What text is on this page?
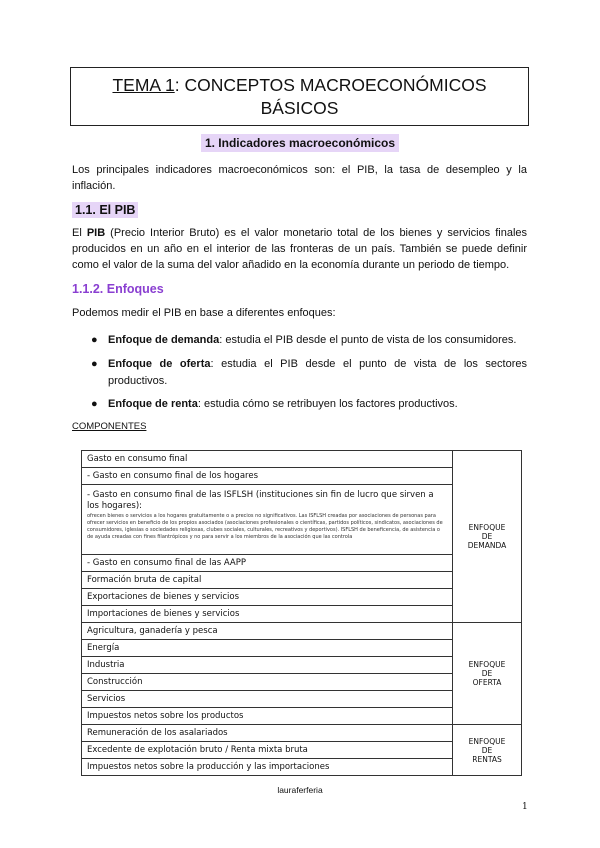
TEMA 1: CONCEPTOS MACROECONÓMICOS
BÁSICOS
1. Indicadores macroeconómicos
Los principales indicadores macroeconómicos son: el PIB, la tasa de desempleo y la inflación.
1.1. El PIB
El PIB (Precio Interior Bruto) es el valor monetario total de los bienes y servicios finales producidos en un año en el interior de las fronteras de un país. También se puede definir como el valor de la suma del valor añadido en la economía durante un periodo de tiempo.
1.1.2. Enfoques
Podemos medir el PIB en base a diferentes enfoques:
● Enfoque de demanda: estudia el PIB desde el punto de vista de los consumidores.
● Enfoque de oferta: estudia el PIB desde el punto de vista de los sectores productivos.
● Enfoque de renta: estudia cómo se retribuyen los factores productivos.
COMPONENTES
Gasto en consumo final	ENFOQUE
DE
DEMANDA
- Gasto en consumo final de los hogares	
- Gasto en consumo final de las ISFLSH (instituciones sin fin de lucro que sirven a los hogares):
ofrecen bienes o servicios a los hogares gratuitamente o a precios no significativos. Las ISFLSH creadas por asociaciones de personas para ofrecer servicios en beneficio de los propios asociados (asociaciones profesionales o científicas, partidos políticos, sindicatos, asociaciones de consumidores, iglesias o sociedades religiosas, clubes sociales, culturales, recreativos y deportivos). ISFLSH de beneficencia, de asistencia o de ayuda creadas con fines filantrópicos y no para servir a los miembros de la asociación que las controla	

- Gasto en consumo final de las AAPP	
Formación bruta de capital	
Exportaciones de bienes y servicios	
Importaciones de bienes y servicios	
Agricultura, ganadería y pesca	ENFOQUE
DE
OFERTA
Energía	
Industria	
Construcción	
Servicios	
Impuestos netos sobre los productos	
Remuneración de los asalariados	ENFOQUE
DE
RENTAS
Excedente de explotación bruto / Renta mixta bruta	
Impuestos netos sobre la producción y las importaciones	
lauraferferia
1
